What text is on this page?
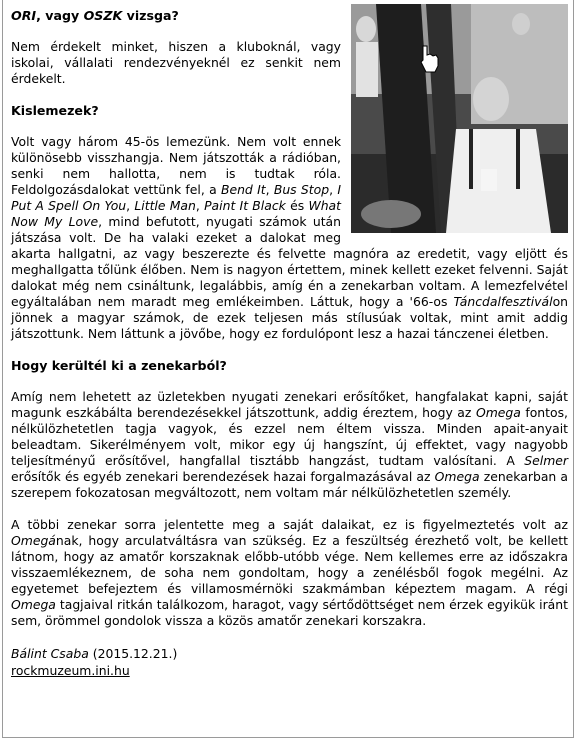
ORI, vagy OSZK vizsga?

Nem érdekelt minket, hiszen a kluboknál, vagy iskolai, vállalati rendezvényeknél ez senkit nem érdekelt.

Kislemezek?

Volt vagy három 45-ös lemezünk. Nem volt ennek különösebb visszhangja. Nem játszották a rádióban, senki nem hallotta, nem is tudtak róla. Feldolgozásdalokat vettünk fel, a Bend It, Bus Stop, I Put A Spell On You, Little Man, Paint It Black és What Now My Love, mind befutott, nyugati számok után játszása volt. De ha valaki ezeket a dalokat meg akarta hallgatni, az vagy beszerezte és felvette magnóra az eredetit, vagy eljött és meghallgatta tőlünk élőben. Nem is nagyon értettem, minek kellett ezeket felvenni. Saját dalokat még nem csináltunk, legalábbis, amíg én a zenekarban voltam. A lemezfelvétel egyáltalában nem maradt meg emlékeimben. Láttuk, hogy a '66-os Táncdalfesztiválon jönnek a magyar számok, de ezek teljesen más stílusúak voltak, mint amit addig játszottunk. Nem láttunk a jövőbe, hogy ez fordulópont lesz a hazai tánczenei életben.

Hogy kerültél ki a zenekarból?

Amíg nem lehetett az üzletekben nyugati zenekari erősítőket, hangfalakat kapni, saját magunk eszkábálta berendezésekkel játszottunk, addig éreztem, hogy az Omega fontos, nélkülözhetetlen tagja vagyok, és ezzel nem éltem vissza. Minden apait-anyait beleadtam. Sikerélményem volt, mikor egy új hangszínt, új effektet, vagy nagyobb teljesítményű erősítővel, hangfallal tisztább hangzást, tudtam valósítani. A Selmer erősítők és egyéb zenekari berendezések hazai forgalmazásával az Omega zenekarban a szerepem fokozatosan megváltozott, nem voltam már nélkülözhetetlen személy.

A többi zenekar sorra jelentette meg a saját dalaikat, ez is figyelmeztetés volt az Omegának, hogy arculatváltásra van szükség. Ez a feszültség érezhető volt, be kellett látnom, hogy az amatőr korszaknak előbb-utóbb vége. Nem kellemes erre az időszakra visszaemlékeznem, de soha nem gondoltam, hogy a zenélésből fogok megélni. Az egyetemet befejeztem és villamosmérnöki szakmámban képeztem magam. A régi Omega tagjaival ritkán találkozom, haragot, vagy sértődöttséget nem érzek egyikük iránt sem, örömmel gondolok vissza a közös amatőr zenekari korszakra.

Bálint Csaba (2015.12.21.)
rockmuzeum.ini.hu
